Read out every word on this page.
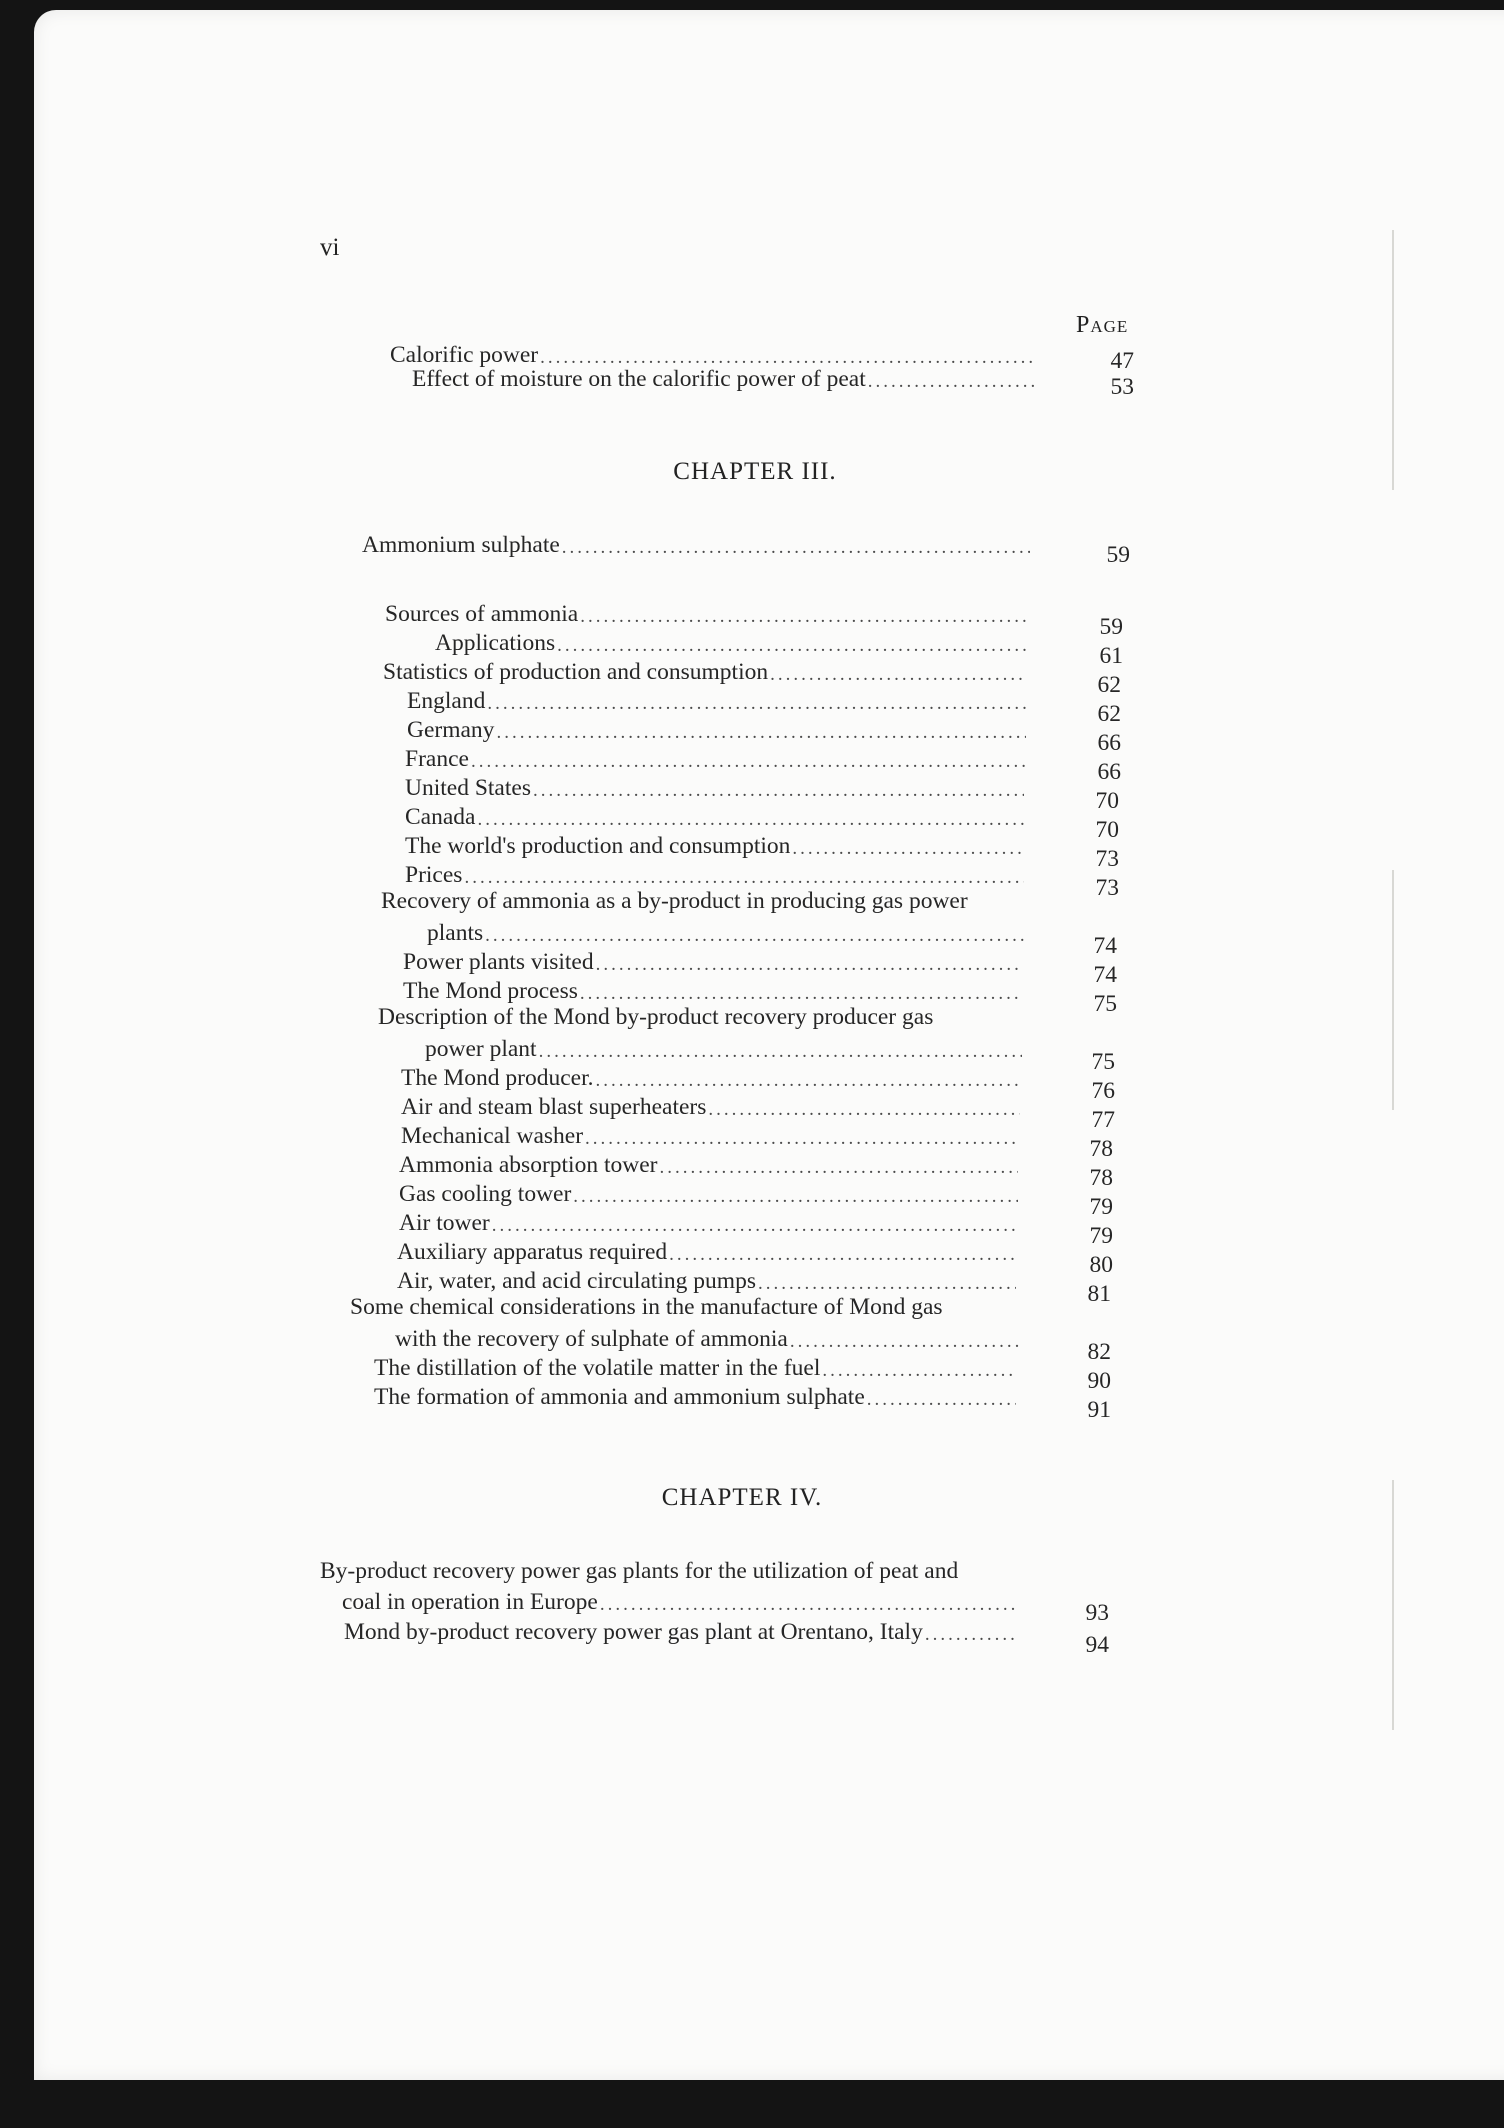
vi
Page
Calorific power .....	47
Effect of moisture on the calorific power of peat .....	53
CHAPTER III.
Ammonium sulphate .....	59
Sources of ammonia .....	59
Applications .....	61
Statistics of production and consumption .....	62
England .....	62
Germany .....	66
France .....	66
United States .....	70
Canada .....	70
The world's production and consumption .....	73
Prices .....	73
Recovery of ammonia as a by-product in producing gas power
plants .....	74
Power plants visited .....	74
The Mond process .....	75
Description of the Mond by-product recovery producer gas
power plant .....	75
The Mond producer. .....	76
Air and steam blast superheaters .....	77
Mechanical washer .....	78
Ammonia absorption tower .....	78
Gas cooling tower .....	79
Air tower .....	79
Auxiliary apparatus required .....	80
Air, water, and acid circulating pumps .....	81
Some chemical considerations in the manufacture of Mond gas
with the recovery of sulphate of ammonia .....	82
The distillation of the volatile matter in the fuel .....	90
The formation of ammonia and ammonium sulphate .....	91
CHAPTER IV.
By-product recovery power gas plants for the utilization of peat and
coal in operation in Europe .....	93
Mond by-product recovery power gas plant at Orentano, Italy .....	94
